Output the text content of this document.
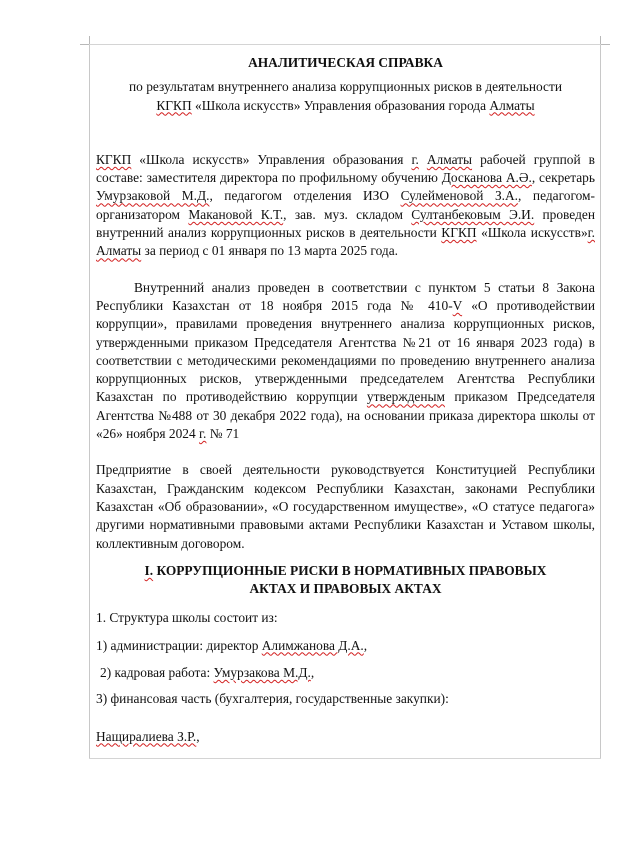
АНАЛИТИЧЕСКАЯ СПРАВКА

по результатам внутреннего анализа коррупционных рисков в деятельности

КГКП «Школа искусств» Управления образования города Алматы

КГКП «Школа искусств» Управления образования г. Алматы рабочей группой в составе: заместителя директора по профильному обучению Досканова А.Ә., секретарь Умурзаковой М.Д., педагогом отделения ИЗО Сулейменовой З.А., педагогом-организатором Макановой К.Т., зав. муз. складом Султанбековым Э.И. проведен внутренний анализ коррупционных рисков в деятельности КГКП «Школа искусств»г. Алматы за период с 01 января по 13 марта 2025 года.

Внутренний анализ проведен в соответствии с пунктом 5 статьи 8 Закона Республики Казахстан от 18 ноября 2015 года № 410-V «О противодействии коррупции», правилами проведения внутреннего анализа коррупционных рисков, утвержденными приказом Председателя Агентства №21 от 16 января 2023 года) в соответствии с методическими рекомендациями по проведению внутреннего анализа коррупционных рисков, утвержденными председателем Агентства Республики Казахстан по противодействию коррупции утвержденым приказом Председателя Агентства №488 от 30 декабря 2022 года), на основании приказа директора школы от «26» ноября 2024 г. № 71

Предприятие в своей деятельности руководствуется Конституцией Республики Казахстан, Гражданским кодексом Республики Казахстан, законами Республики Казахстан «Об образовании», «О государственном имуществе», «О статусе педагога» другими нормативными правовыми актами Республики Казахстан и Уставом школы, коллективным договором.

I. КОРРУПЦИОННЫЕ РИСКИ В НОРМАТИВНЫХ ПРАВОВЫХ
АКТАХ И ПРАВОВЫХ АКТАХ

1. Структура школы состоит из:

1) администрации: директор Алимжанова Д.А.,

2) кадровая работа: Умурзакова М.Д.,

3) финансовая часть (бухгалтерия, государственные закупки):

Нащиралиева З.Р.,
